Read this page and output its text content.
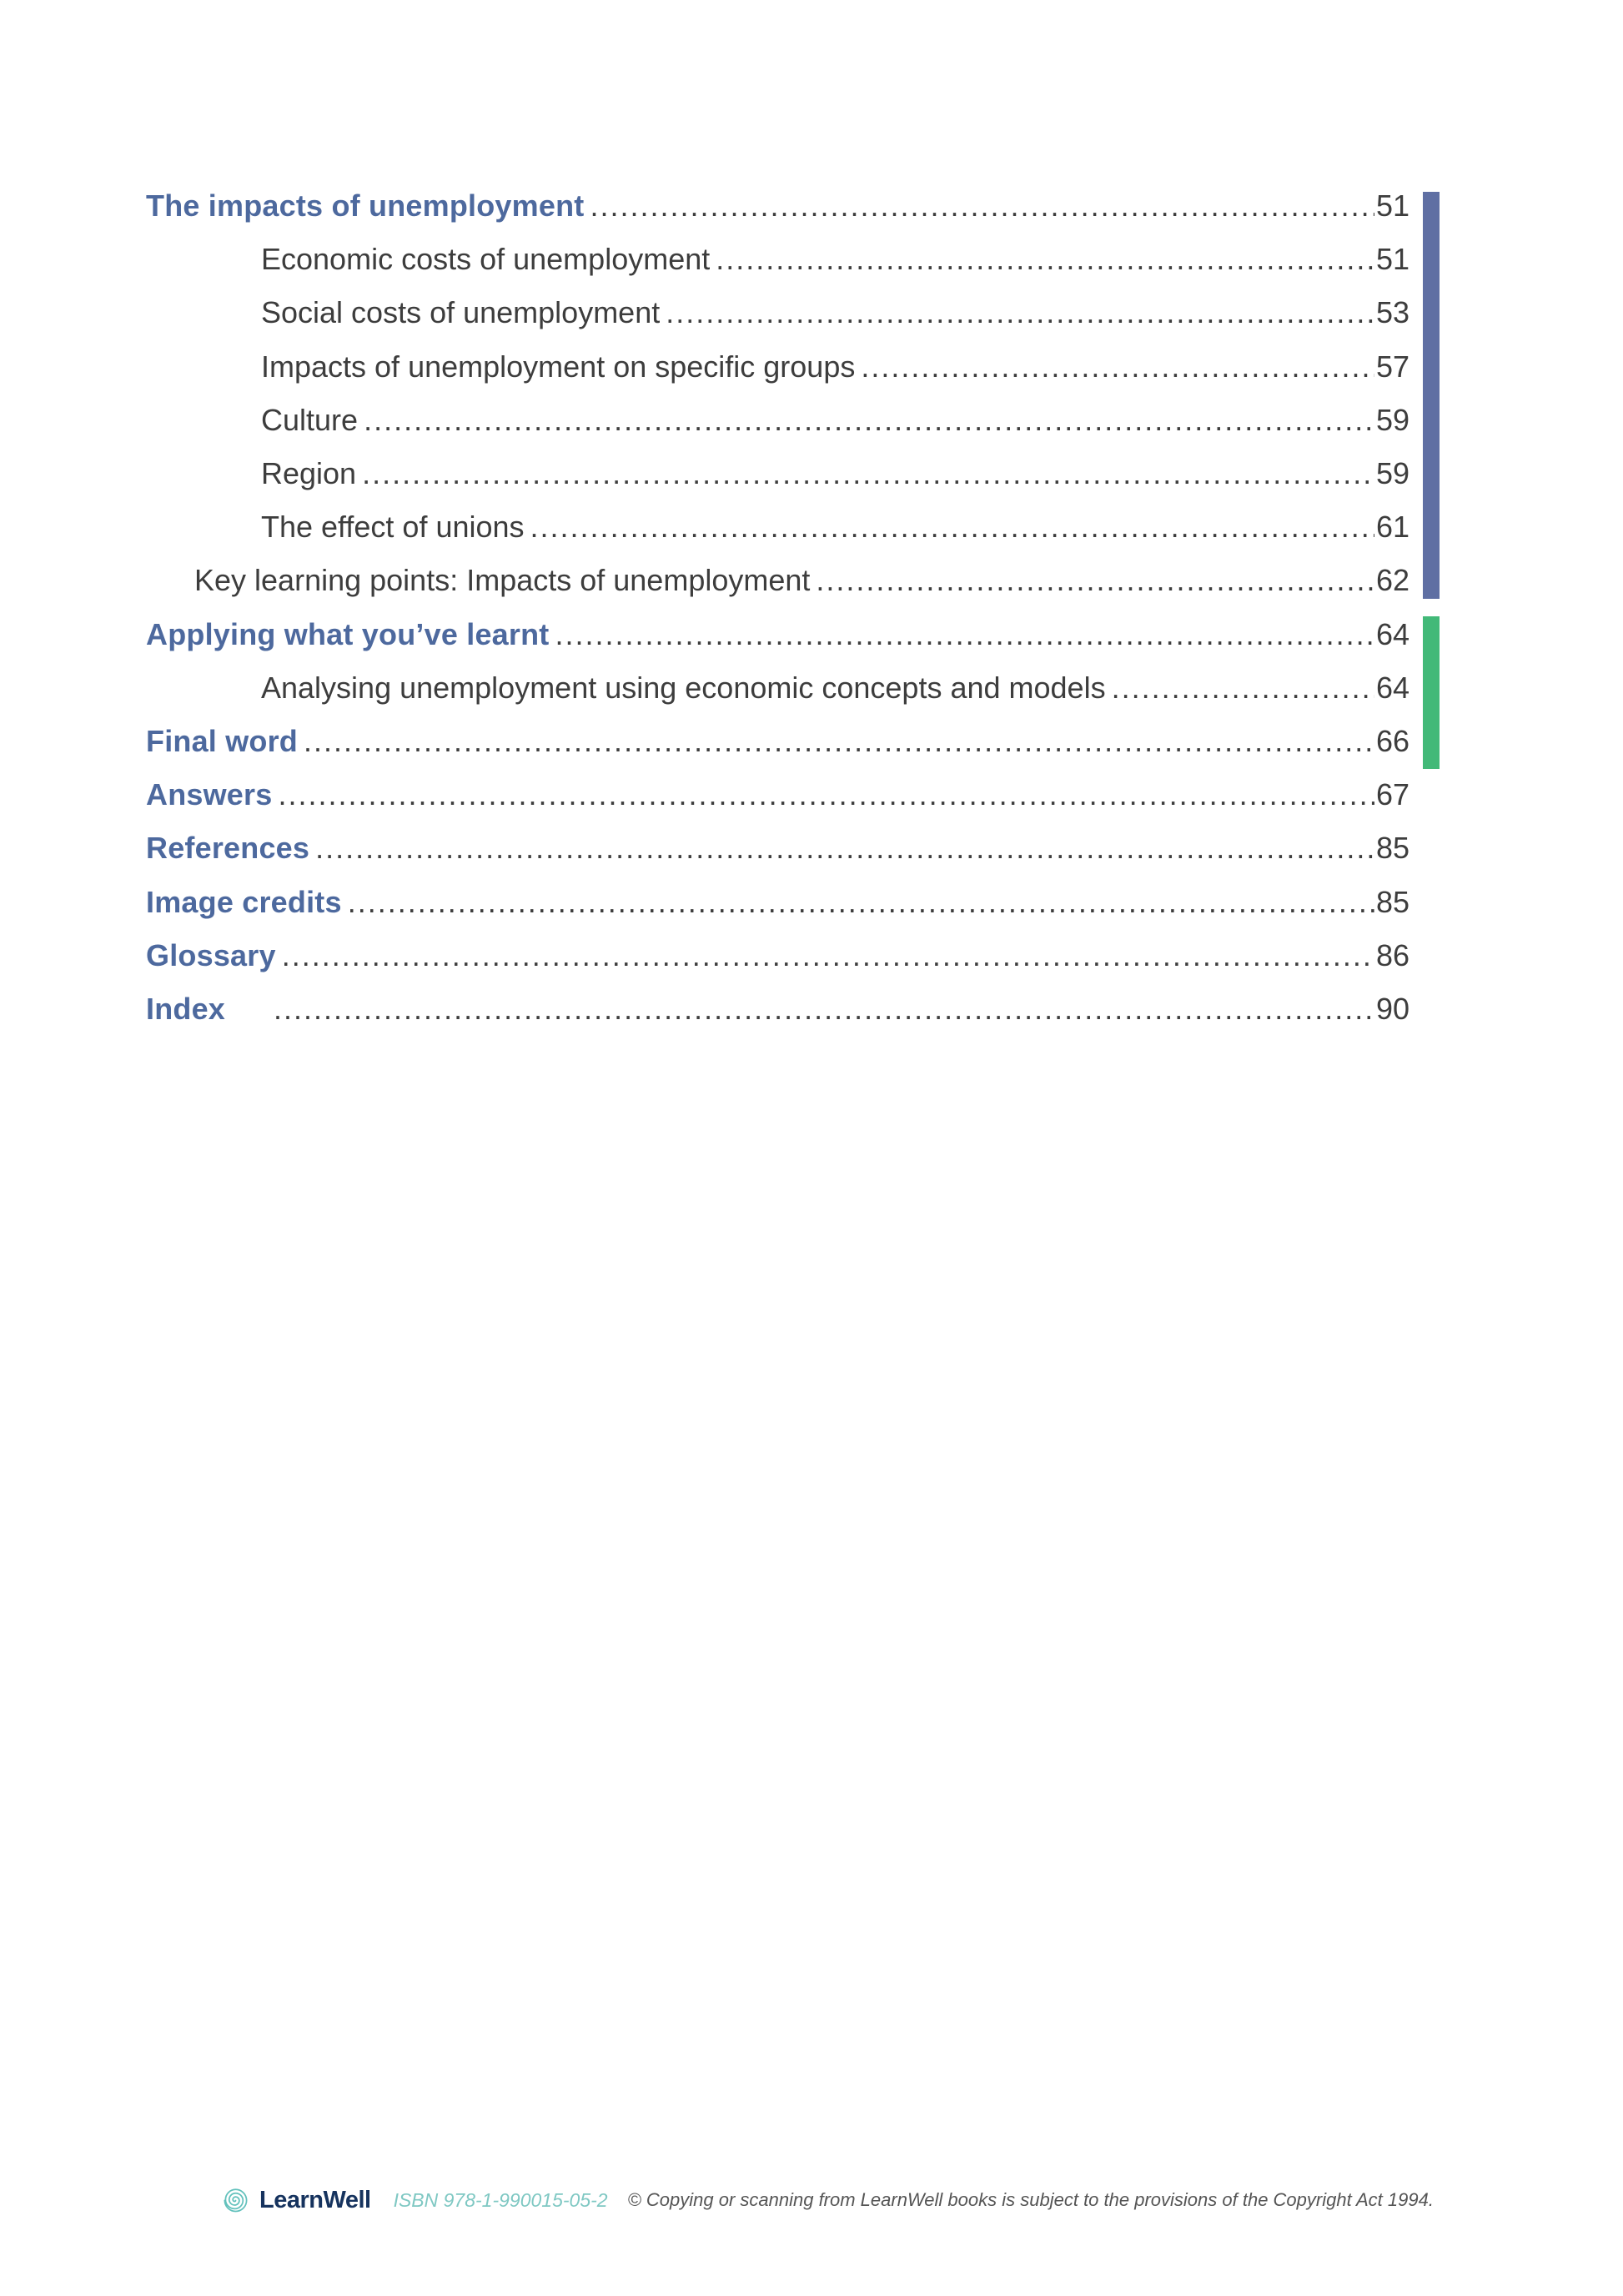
The impacts of unemployment .....	51
Economic costs of unemployment .....	51
Social costs of unemployment .....	53
Impacts of unemployment on specific groups .....	57
Culture .....	59
Region .....	59
The effect of unions .....	61
Key learning points: Impacts of unemployment .....	62
Applying what you’ve learnt .....	64
Analysing unemployment using economic concepts and models .....	64
Final word .....	66
Answers .....	67
References .....	85
Image credits .....	85
Glossary .....	86
Index .....	90
LearnWell ISBN 978-1-990015-05-2 © Copying or scanning from LearnWell books is subject to the provisions of the Copyright Act 1994.
